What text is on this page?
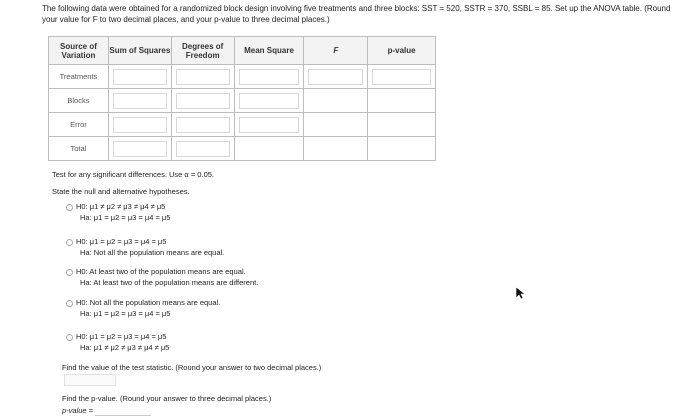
The following data were obtained for a randomized block design involving five treatments and three blocks: SST = 520, SSTR = 370, SSBL = 85. Set up the ANOVA table. (Round your value for F to two decimal places, and your p-value to three decimal places.)
Source of Variation	Sum of Squares	Degrees of Freedom	Mean Square	F	p-value
Treatments	

Blocks	

Error	

Total	

Test for any significant differences. Use α = 0.05.
State the null and alternative hypotheses.
H0: μ1 ≠ μ2 ≠ μ3 ≠ μ4 ≠ μ5
Ha: μ1 = μ2 = μ3 = μ4 = μ5
H0: μ1 = μ2 = μ3 = μ4 = μ5
Ha: Not all the population means are equal.
H0: At least two of the population means are equal.
Ha: At least two of the population means are different.
H0: Not all the population means are equal.
Ha: μ1 = μ2 = μ3 = μ4 = μ5
H0: μ1 = μ2 = μ3 = μ4 = μ5
Ha: μ1 ≠ μ2 ≠ μ3 ≠ μ4 ≠ μ5
Find the value of the test statistic. (Round your answer to two decimal places.)
Find the p-value. (Round your answer to three decimal places.)
p-value =
